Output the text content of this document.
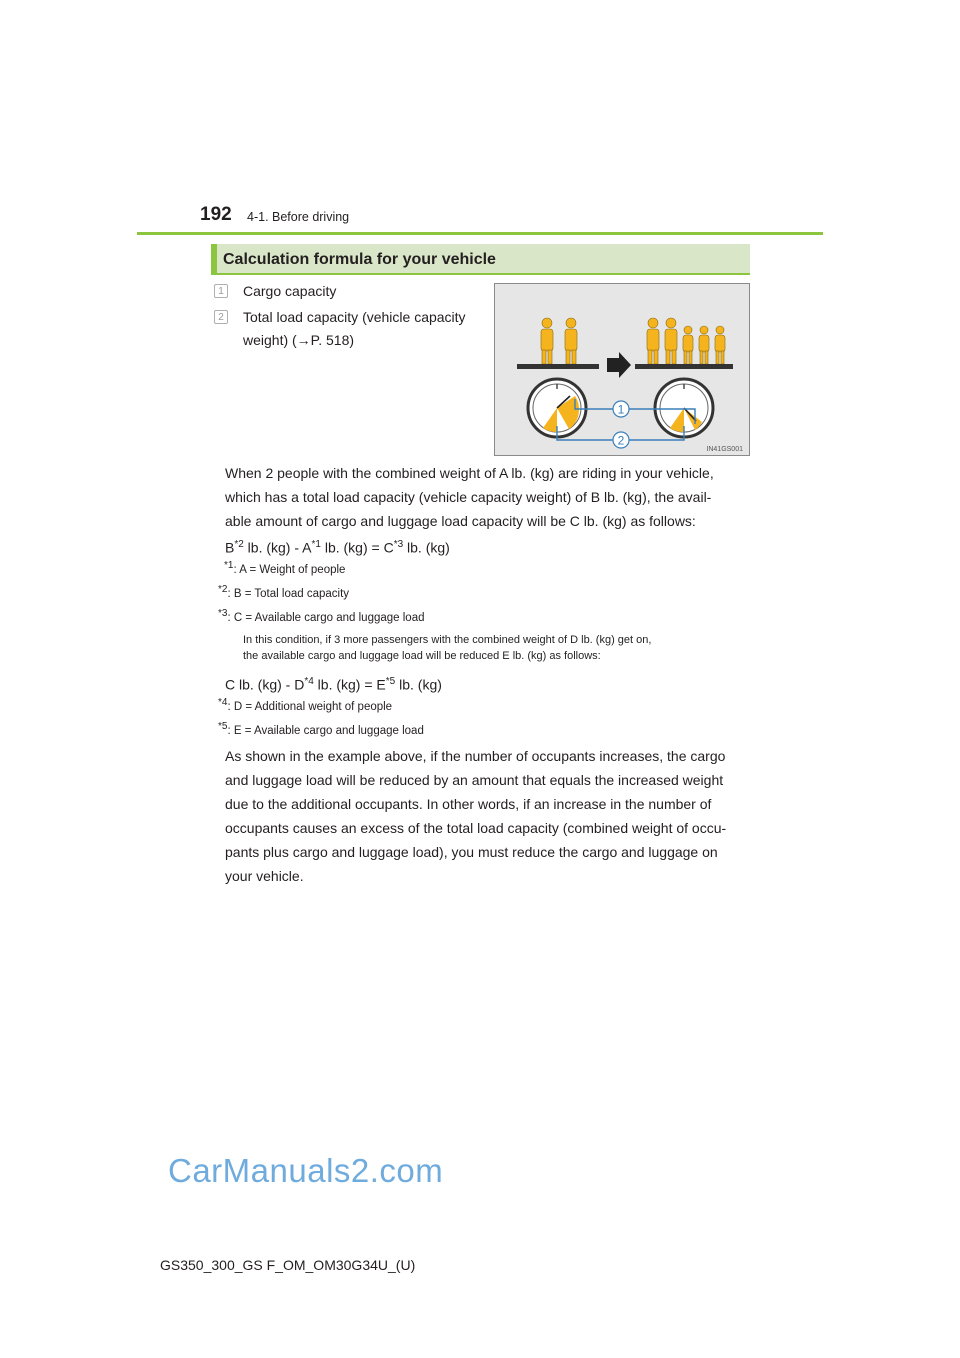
192 4-1. Before driving
Calculation formula for your vehicle
1	Cargo capacity
2	Total load capacity (vehicle capacity
weight) (→P. 518)
1
2
IN41GS001
When 2 people with the combined weight of A lb. (kg) are riding in your vehicle,
which has a total load capacity (vehicle capacity weight) of B lb. (kg), the avail-
able amount of cargo and luggage load capacity will be C lb. (kg) as follows:
$B^{*2}$ lb. $(kg) - A^{*1}$ lb. $(kg) = C^{*3}$ lb. (kg)
$^{*1}$: A = Weight of people
$^{*2}$: B = Total load capacity
$^{*3}$: C = Available cargo and luggage load
In this condition, if 3 more passengers with the combined weight of D lb. (kg) get on,
the available cargo and luggage load will be reduced E lb. (kg) as follows:
C lb. $(kg) - D^{*4}$ lb. $(kg) = E^{*5}$ lb. (kg)
$^{*4}$: D = Additional weight of people
$^{*5}$: E = Available cargo and luggage load
As shown in the example above, if the number of occupants increases, the cargo
and luggage load will be reduced by an amount that equals the increased weight
due to the additional occupants. In other words, if an increase in the number of
occupants causes an excess of the total load capacity (combined weight of occu-
pants plus cargo and luggage load), you must reduce the cargo and luggage on
your vehicle.
CarManuals2.com
GS350_300_GS F_OM_OM30G34U_(U)
